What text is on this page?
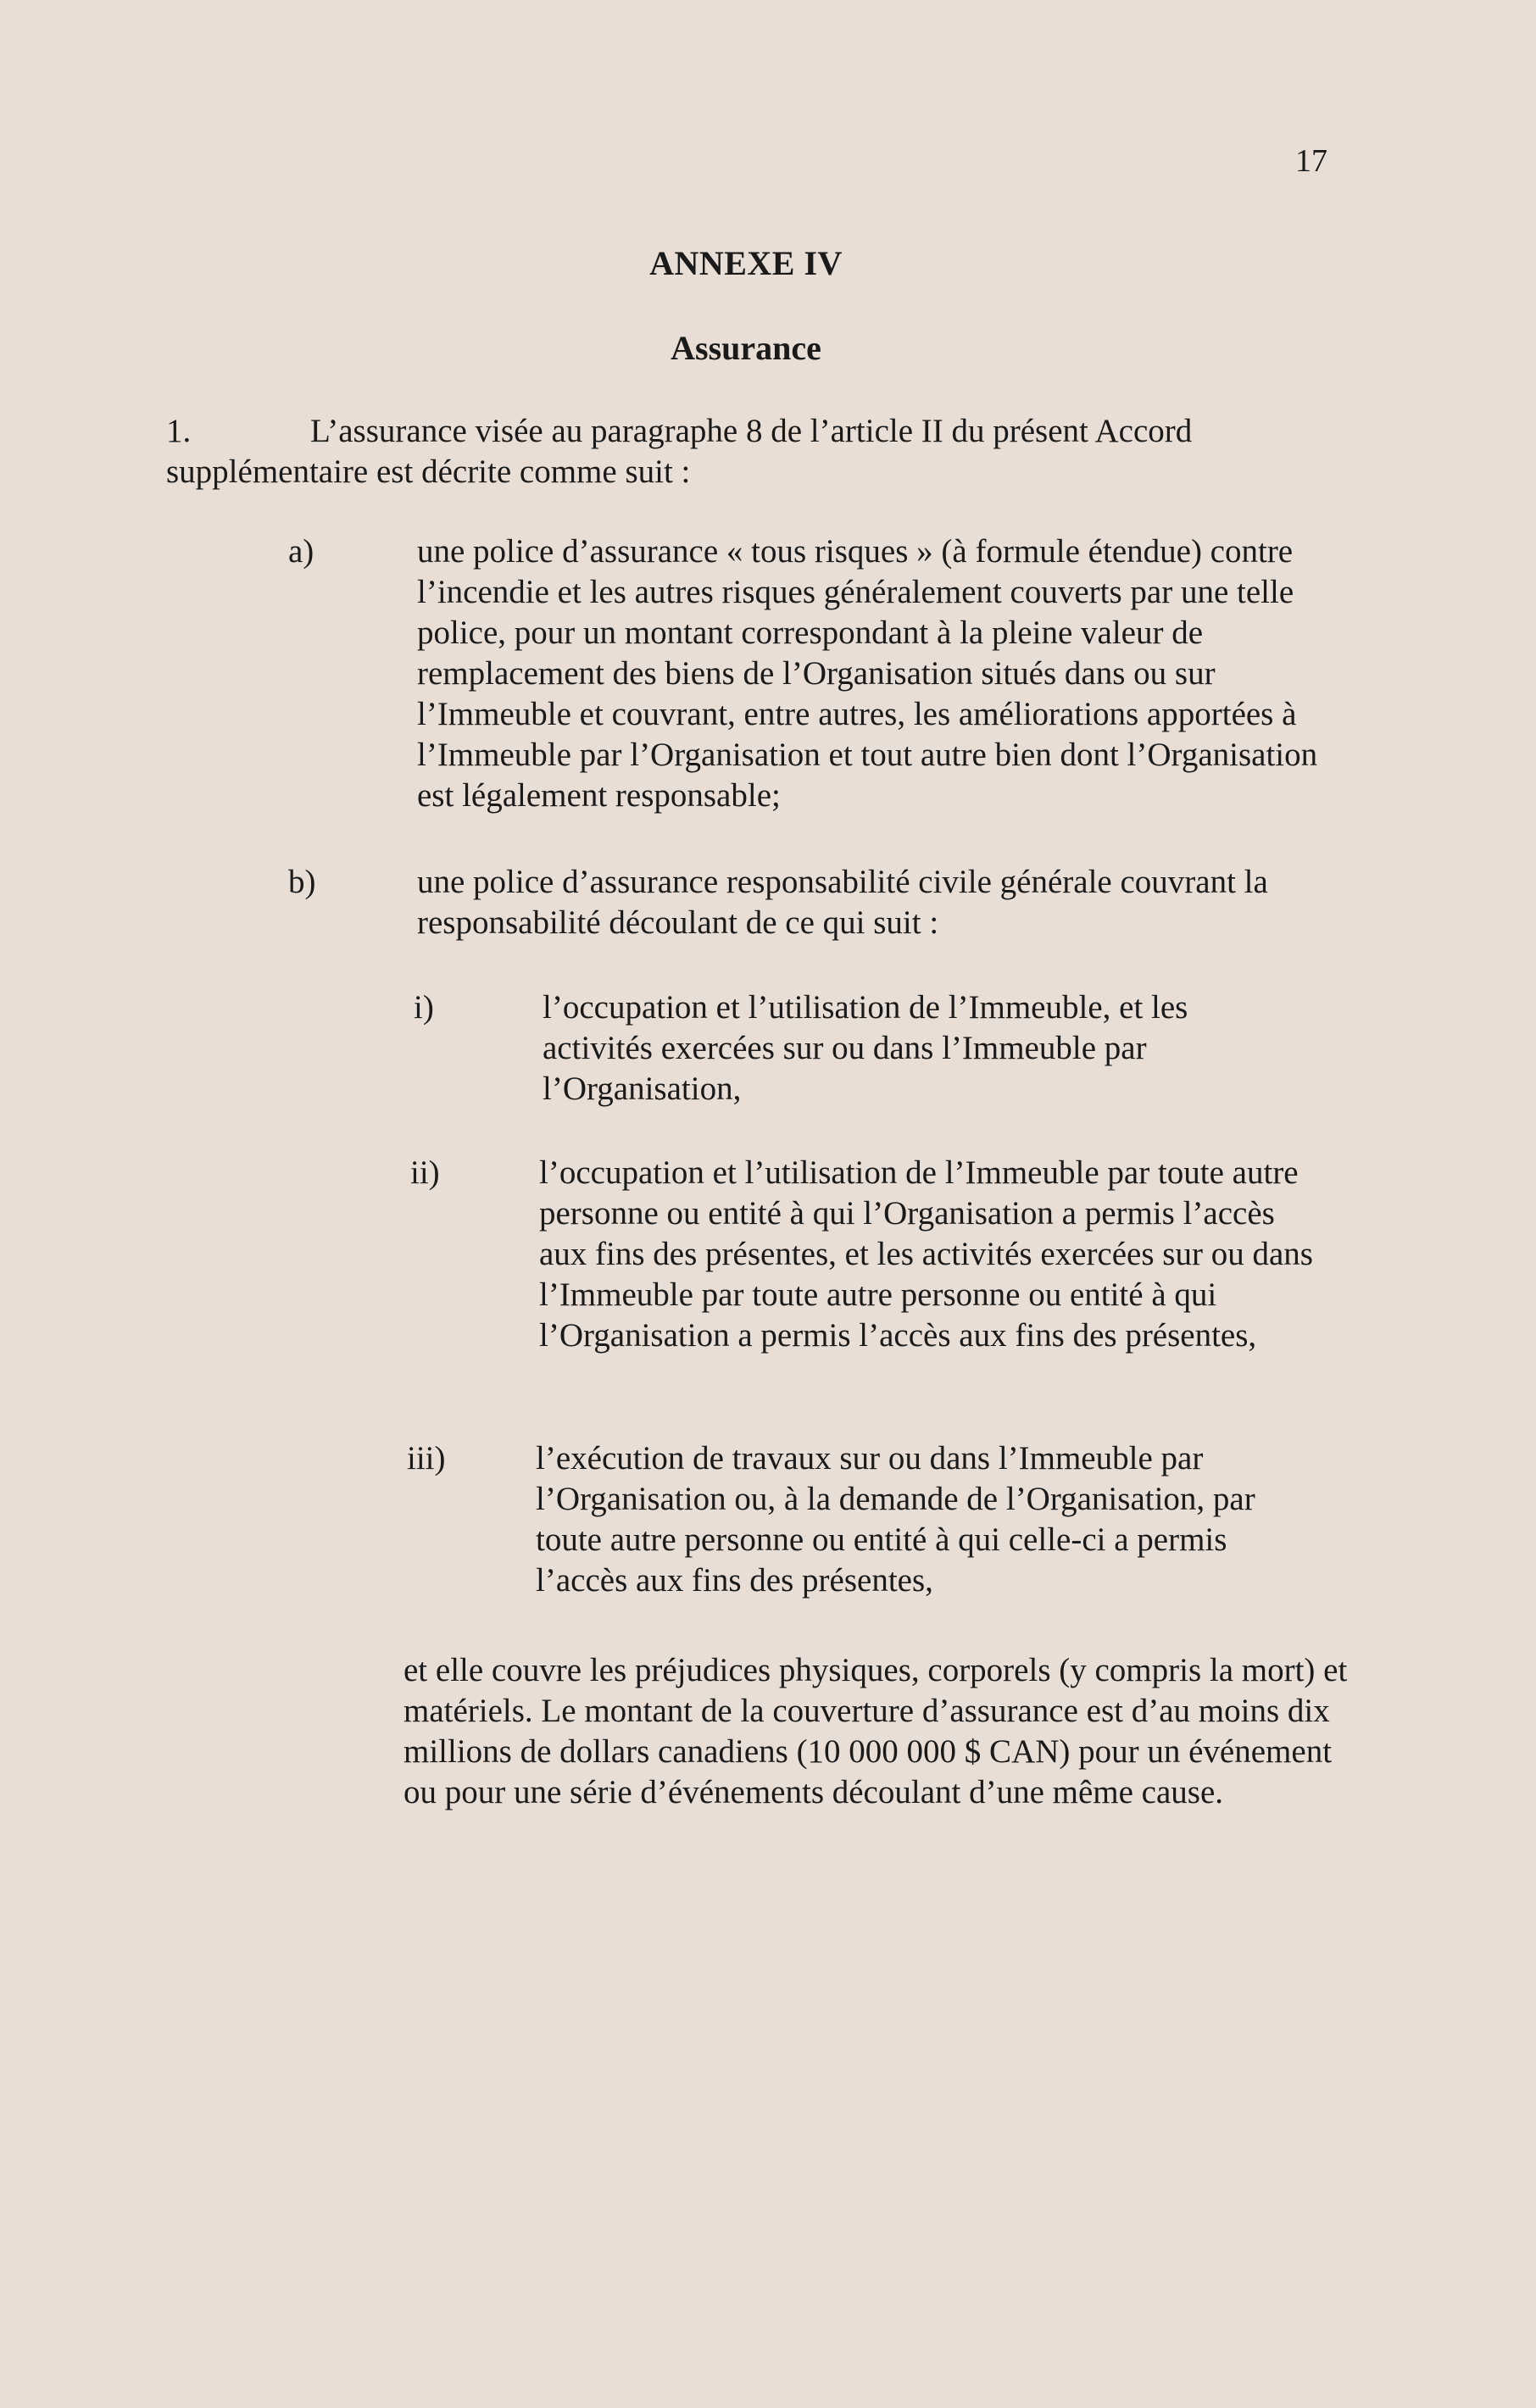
17
ANNEXE IV
Assurance
1.	L’assurance visée au paragraphe 8 de l’article II du présent Accord supplémentaire est décrite comme suit :
a)	une police d’assurance « tous risques » (à formule étendue) contre l’incendie et les autres risques généralement couverts par une telle police, pour un montant correspondant à la pleine valeur de remplacement des biens de l’Organisation situés dans ou sur l’Immeuble et couvrant, entre autres, les améliorations apportées à l’Immeuble par l’Organisation et tout autre bien dont l’Organisation est légalement responsable;
b)	une police d’assurance responsabilité civile générale couvrant la responsabilité découlant de ce qui suit :
i)	l’occupation et l’utilisation de l’Immeuble, et les activités exercées sur ou dans l’Immeuble par l’Organisation,
ii)	l’occupation et l’utilisation de l’Immeuble par toute autre personne ou entité à qui l’Organisation a permis l’accès aux fins des présentes, et les activités exercées sur ou dans l’Immeuble par toute autre personne ou entité à qui l’Organisation a permis l’accès aux fins des présentes,
iii)	l’exécution de travaux sur ou dans l’Immeuble par l’Organisation ou, à la demande de l’Organisation, par toute autre personne ou entité à qui celle-ci a permis l’accès aux fins des présentes,
et elle couvre les préjudices physiques, corporels (y compris la mort) et matériels. Le montant de la couverture d’assurance est d’au moins dix millions de dollars canadiens (10 000 000 $ CAN) pour un événement ou pour une série d’événements découlant d’une même cause.
